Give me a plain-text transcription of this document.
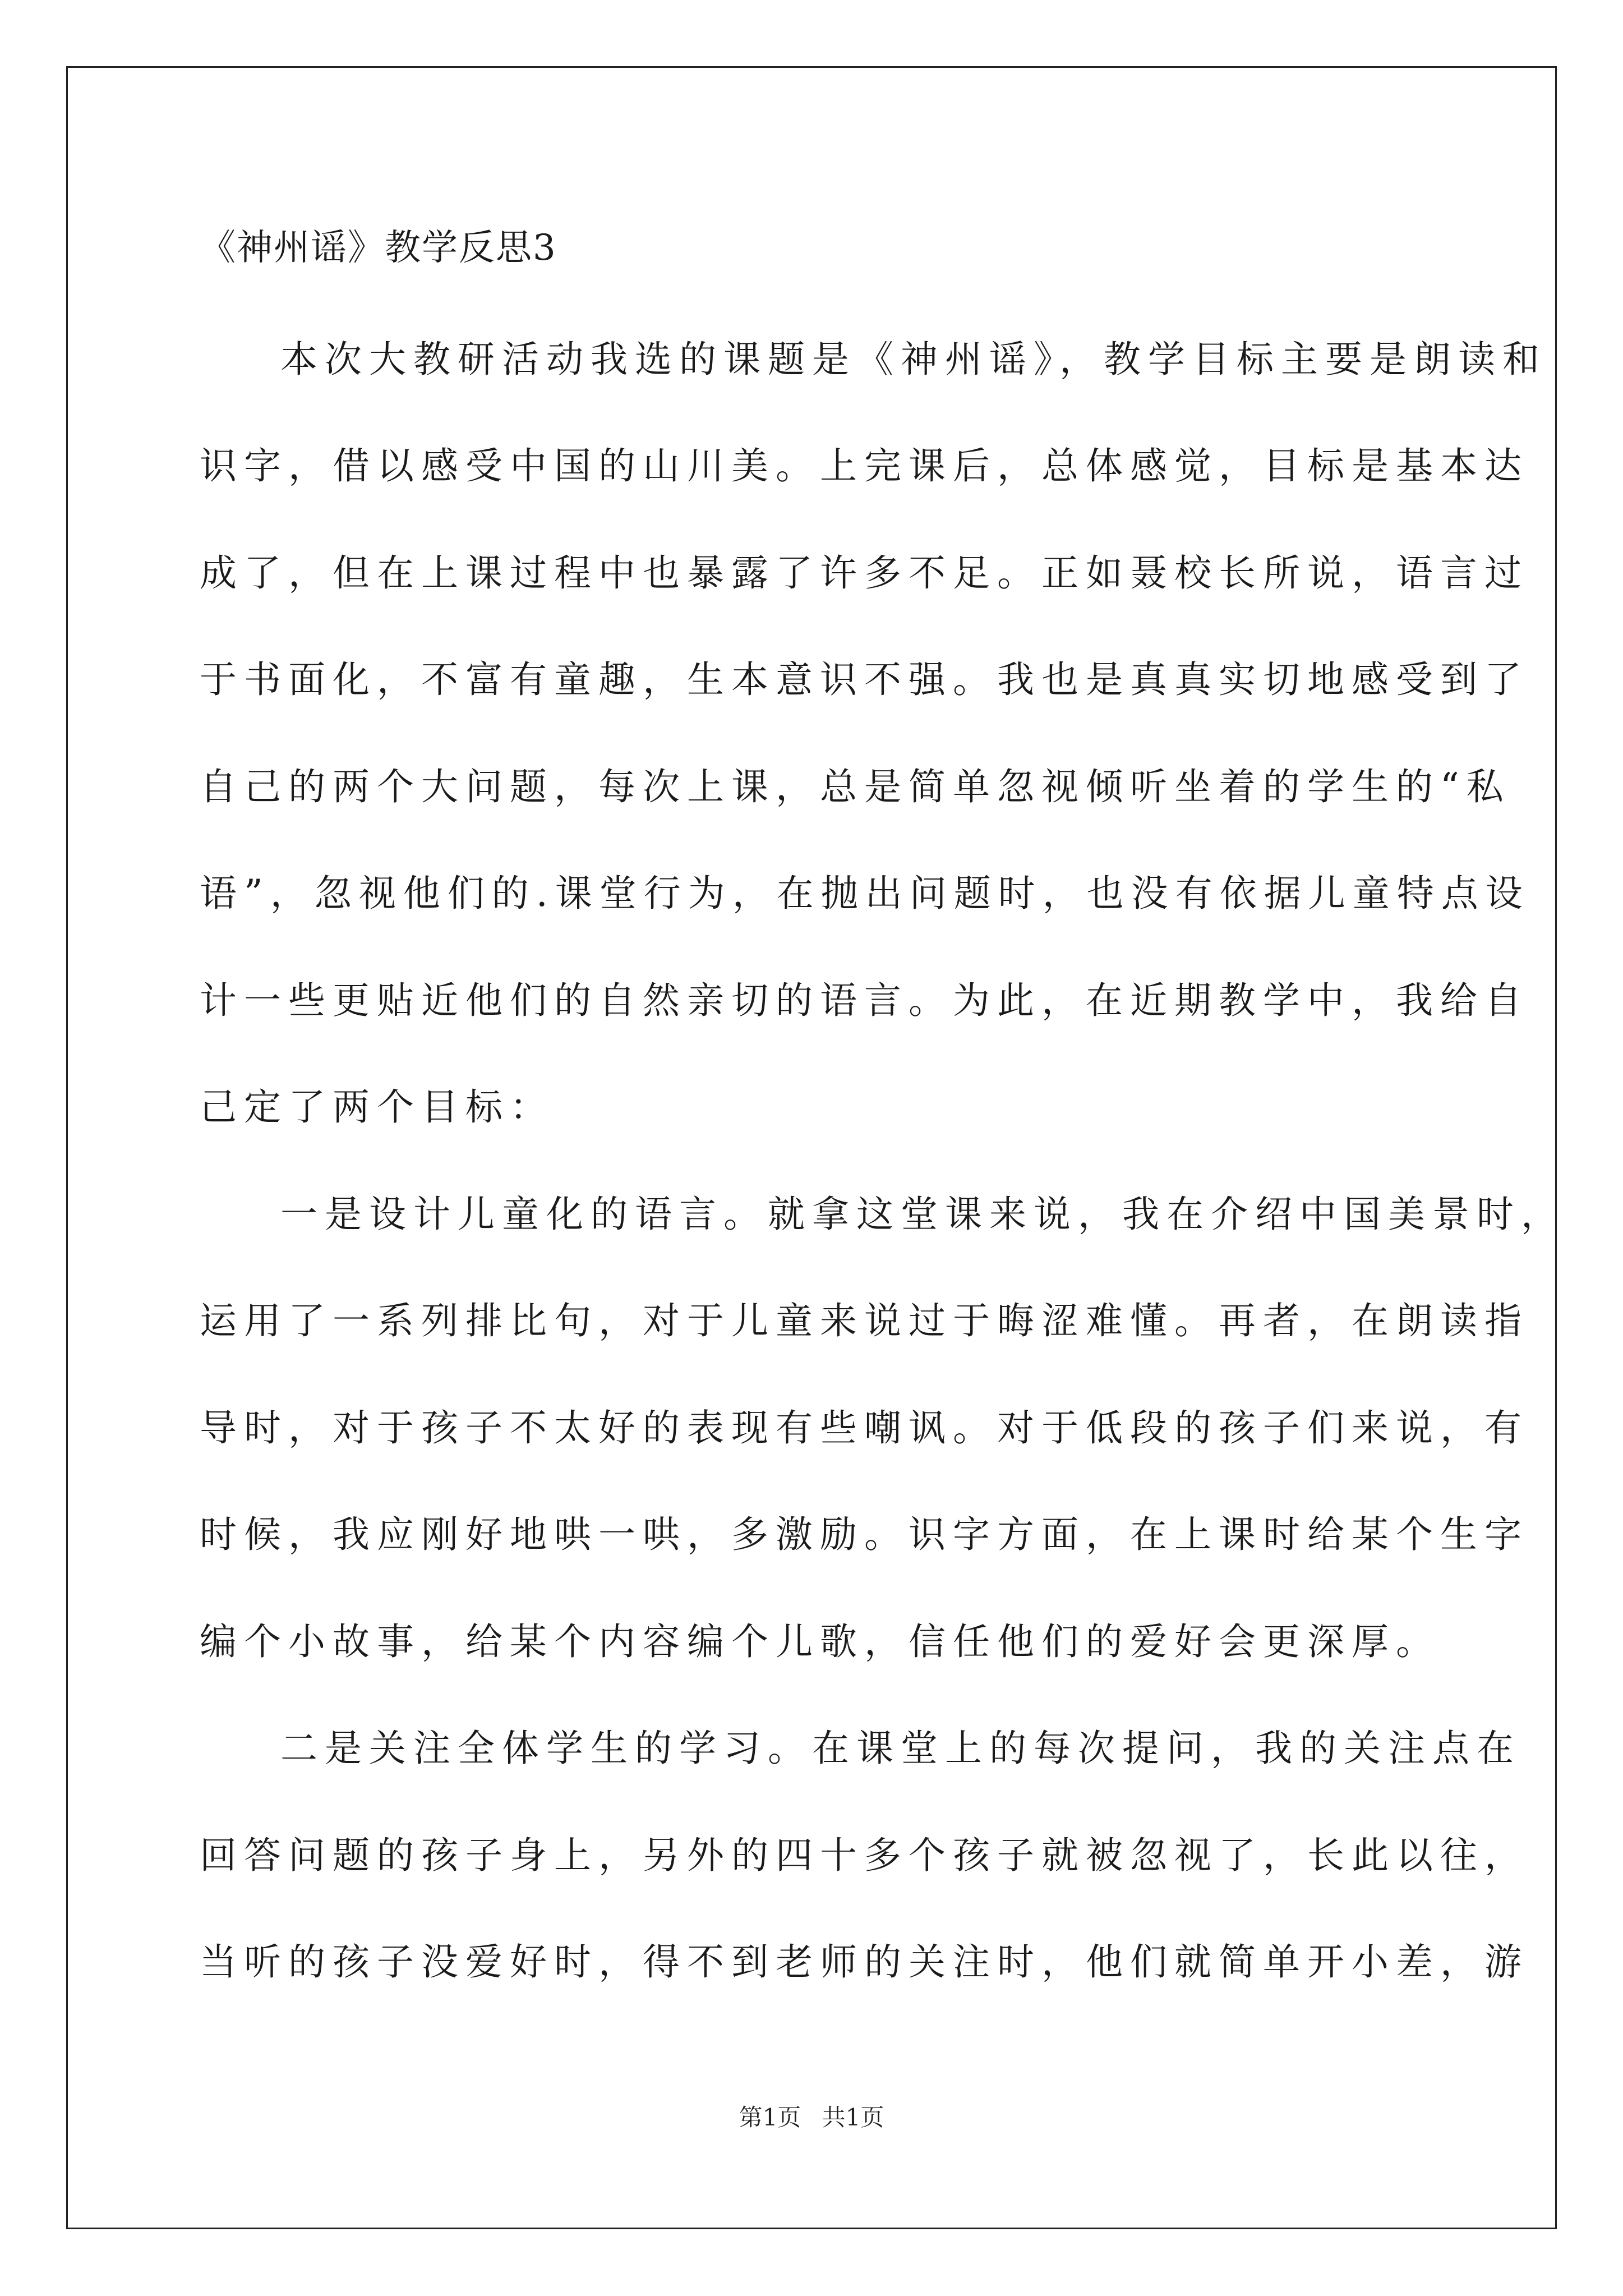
《神州谣》教学反思3
本次大教研活动我选的课题是《神州谣》，教学目标主要是朗读和
识字，借以感受中国的山川美。上完课后，总体感觉，目标是基本达
成了，但在上课过程中也暴露了许多不足。正如聂校长所说，语言过
于书面化，不富有童趣，生本意识不强。我也是真真实切地感受到了
自己的两个大问题，每次上课，总是简单忽视倾听坐着的学生的“私
语”，忽视他们的.课堂行为，在抛出问题时，也没有依据儿童特点设
计一些更贴近他们的自然亲切的语言。为此，在近期教学中，我给自
己定了两个目标：
一是设计儿童化的语言。就拿这堂课来说，我在介绍中国美景时，
运用了一系列排比句，对于儿童来说过于晦涩难懂。再者，在朗读指
导时，对于孩子不太好的表现有些嘲讽。对于低段的孩子们来说，有
时候，我应刚好地哄一哄，多激励。识字方面，在上课时给某个生字
编个小故事，给某个内容编个儿歌，信任他们的爱好会更深厚。
二是关注全体学生的学习。在课堂上的每次提问，我的关注点在
回答问题的孩子身上，另外的四十多个孩子就被忽视了，长此以往，
当听的孩子没爱好时，得不到老师的关注时，他们就简单开小差，游
第1页 共1页
